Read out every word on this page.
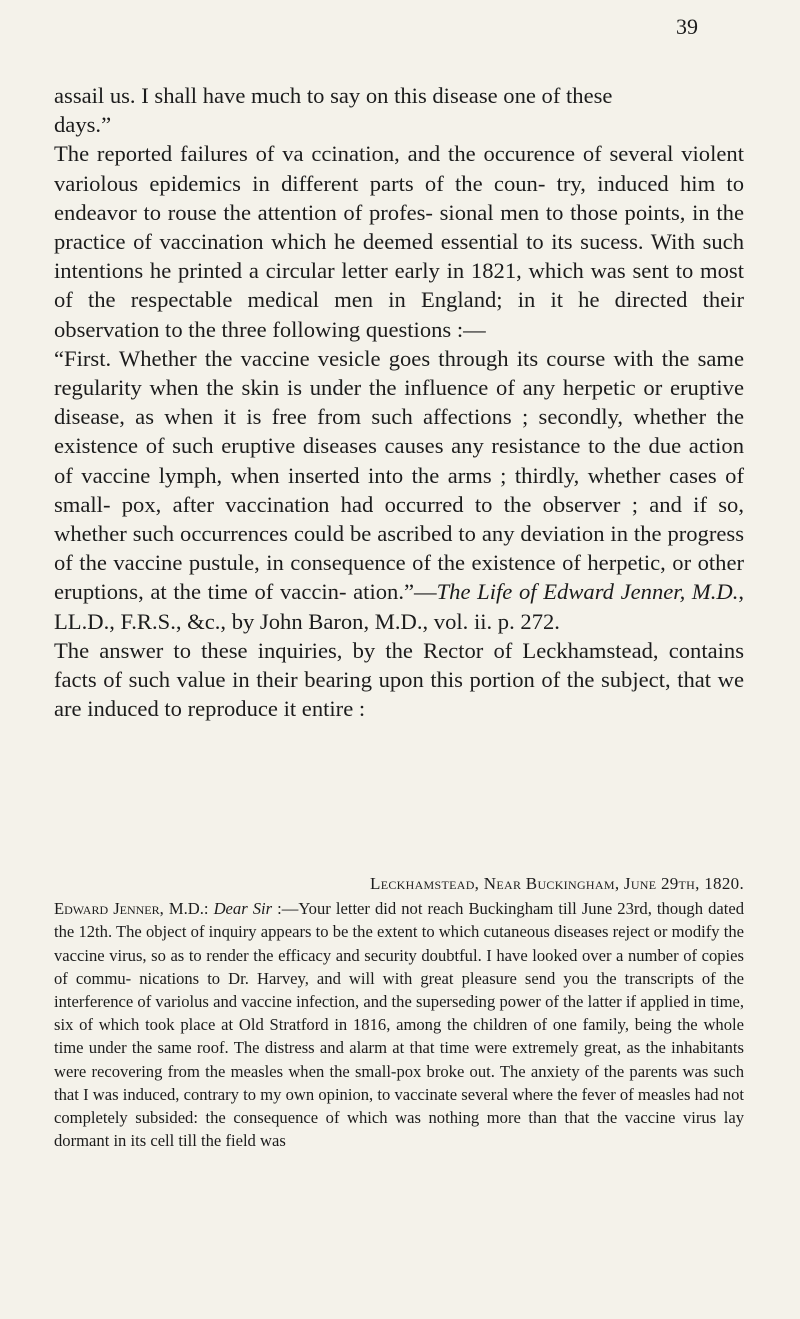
39

assail us. I shall have much to say on this disease one of these

days.”

The reported failures of va ccination, and the occurence of several violent variolous epidemics in different parts of the coun- try, induced him to endeavor to rouse the attention of profes- sional men to those points, in the practice of vaccination which he deemed essential to its sucess. With such intentions he printed a circular letter early in 1821, which was sent to most of the respectable medical men in England; in it he directed their observation to the three following questions :—

“First. Whether the vaccine vesicle goes through its course with the same regularity when the skin is under the influence of any herpetic or eruptive disease, as when it is free from such affections ; secondly, whether the existence of such eruptive diseases causes any resistance to the due action of vaccine lymph, when inserted into the arms ; thirdly, whether cases of small- pox, after vaccination had occurred to the observer ; and if so, whether such occurrences could be ascribed to any deviation in the progress of the vaccine pustule, in consequence of the existence of herpetic, or other eruptions, at the time of vaccin- ation.”—The Life of Edward Jenner, M.D., LL.D., F.R.S., &c., by John Baron, M.D., vol. ii. p. 272.

The answer to these inquiries, by the Rector of Leckhamstead, contains facts of such value in their bearing upon this portion of the subject, that we are induced to reproduce it entire :

Leckhamstead, Near Buckingham, June 29th, 1820.

Edward Jenner, M.D.: Dear Sir :—Your letter did not reach Buckingham till June 23rd, though dated the 12th. The object of inquiry appears to be the extent to which cutaneous diseases reject or modify the vaccine virus, so as to render the efficacy and security doubtful. I have looked over a number of copies of commu- nications to Dr. Harvey, and will with great pleasure send you the transcripts of the interference of variolus and vaccine infection, and the superseding power of the latter if applied in time, six of which took place at Old Stratford in 1816, among the children of one family, being the whole time under the same roof. The distress and alarm at that time were extremely great, as the inhabitants were recovering from the measles when the small-pox broke out. The anxiety of the parents was such that I was induced, contrary to my own opinion, to vaccinate several where the fever of measles had not completely subsided: the consequence of which was nothing more than that the vaccine virus lay dormant in its cell till the field was
